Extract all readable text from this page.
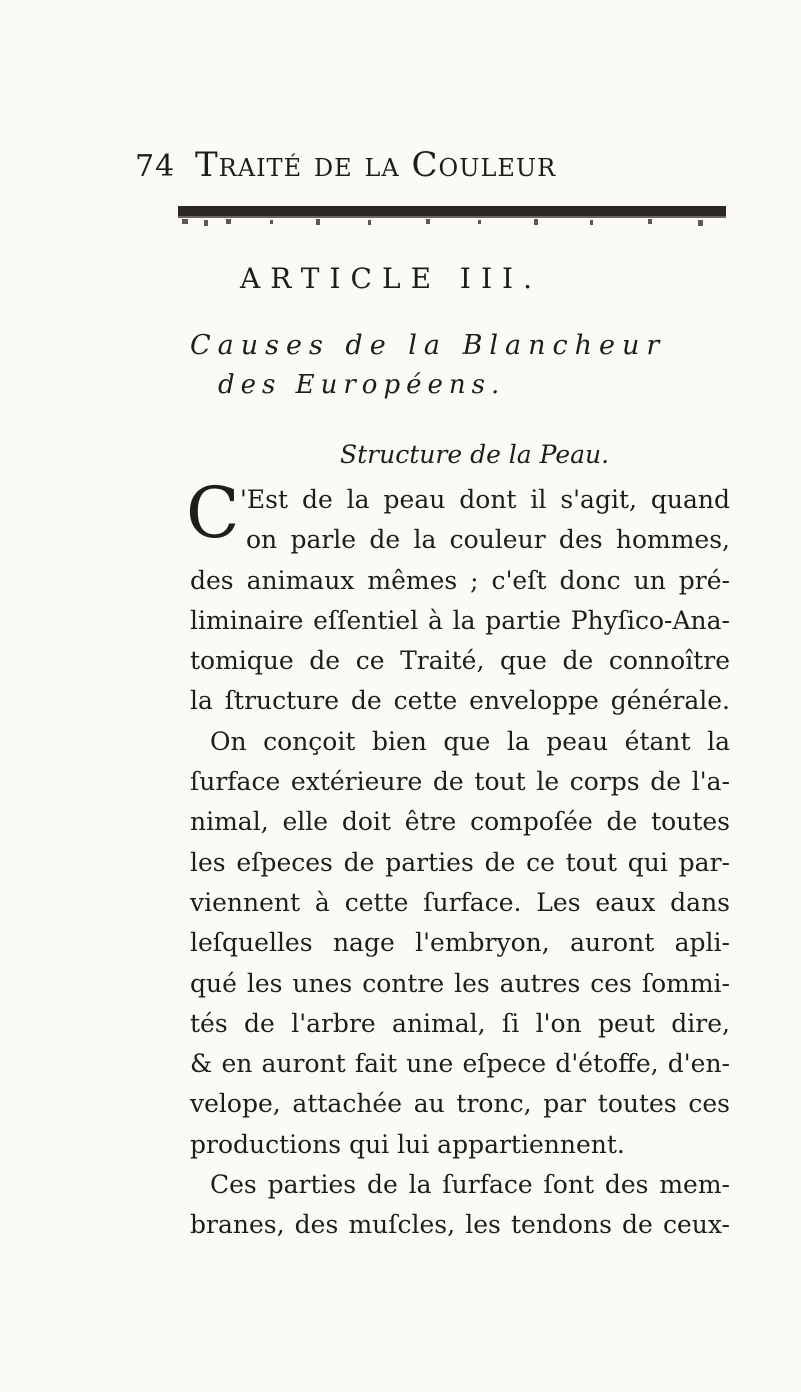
74 Traité de la Couleur
ARTICLE III.
Causes de la Blancheur
des Européens.
Structure de la Peau.
C 'Est de la peau dont il s'agit, quand
on parle de la couleur des hommes,
des animaux mêmes ; c'eſt donc un pré-
liminaire eſſentiel à la partie Phyſico-Ana-
tomique de ce Traité, que de connoître
la ſtructure de cette enveloppe générale.
On conçoit bien que la peau étant la
ſurface extérieure de tout le corps de l'a-
nimal, elle doit être compoſée de toutes
les eſpeces de parties de ce tout qui par-
viennent à cette ſurface. Les eaux dans
leſquelles nage l'embryon, auront apli-
qué les unes contre les autres ces ſommi-
tés de l'arbre animal, ſi l'on peut dire,
& en auront fait une eſpece d'étoffe, d'en-
velope, attachée au tronc, par toutes ces
productions qui lui appartiennent.
Ces parties de la ſurface ſont des mem-
branes, des muſcles, les tendons de ceux-
